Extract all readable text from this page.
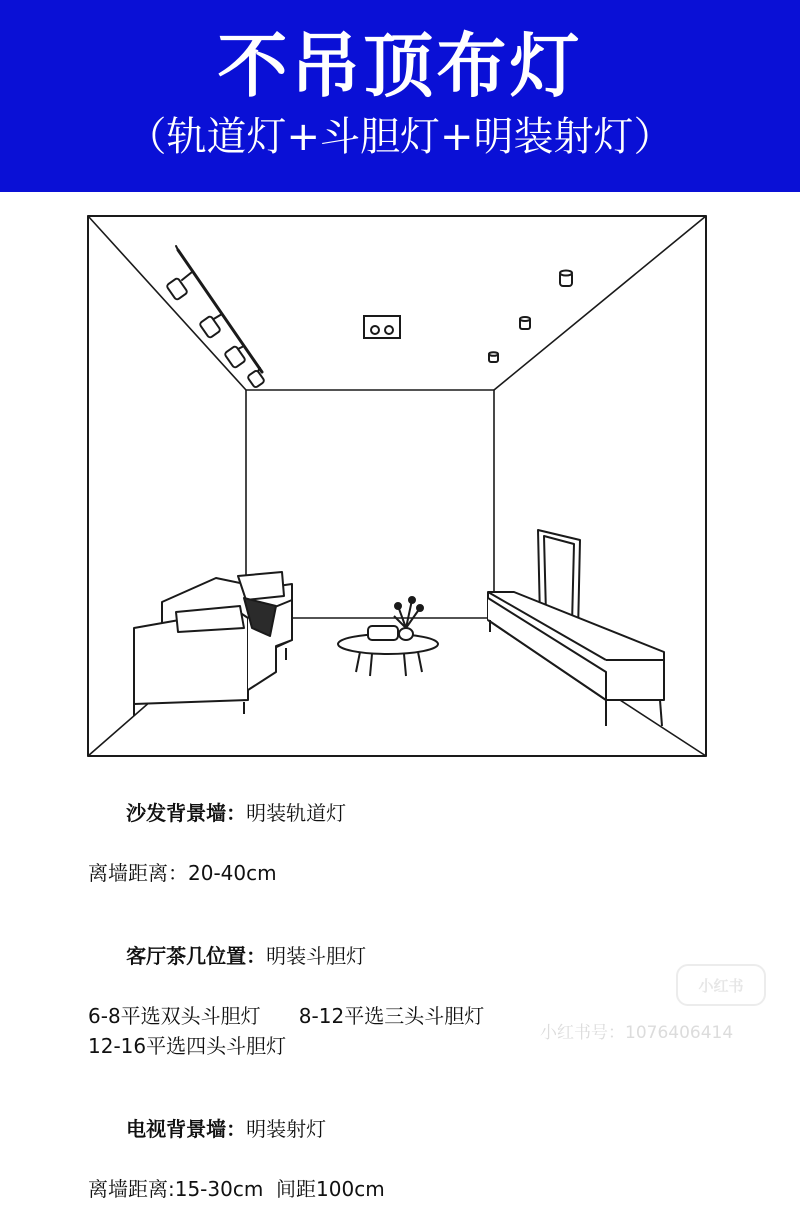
不吊顶布灯
（轨道灯+斗胆灯+明装射灯）

沙发背景墙：明装轨道灯

离墙距离：20-40cm

客厅茶几位置：明装斗胆灯

6-8平选双头斗胆灯      8-12平选三头斗胆灯
12-16平选四头斗胆灯

电视背景墙：明装射灯

离墙距离:15-30cm  间距100cm
小红书
小红书号：1076406414
